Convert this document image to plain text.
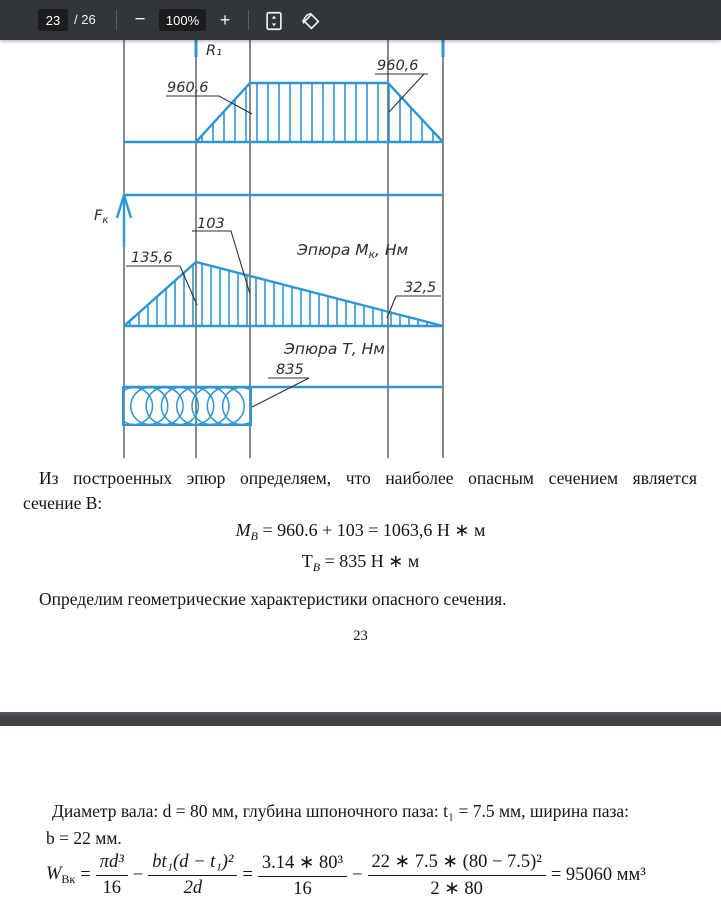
23	/ 26	−	100%	+
R₁
960,6
960,6
$F_к$	103
135,6	Эпюра Мк, Нм
32,5
Эпюра Т, Нм
835
Из построенных эпюр определяем, что наиболее опасным сечением является
сечение B:
$M_B = 960.6 + 103 = 1063,6$ Н ∗ м
$Т_B = 835$ Н ∗ м
Определим геометрические характеристики опасного сечения.
23
Диаметр вала: d = 80 мм, глубина шпоночного паза: t₁ = 7.5 мм, ширина паза:
b = 22 мм.
$W_{Вк} = \frac{\text{πd³}}{16} - \frac{\text{bt₁(d − t₁)²}}{2d} = \frac{\text{3.14 ∗ 80³}}{16} - \frac{\text{22 ∗ 7.5 ∗ (80 − 7.5)²}}{2 ∗ 80} = 95060$ мм³
